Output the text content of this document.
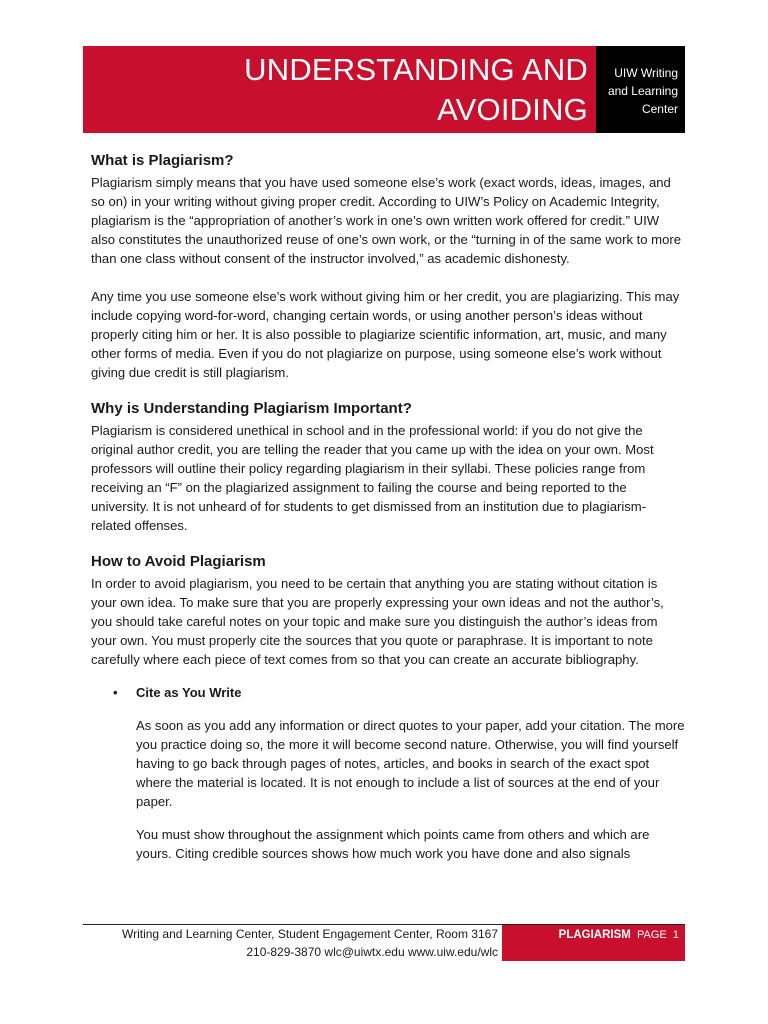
UNDERSTANDING AND AVOIDING
PLAGIARISM
UIW Writing
and Learning
Center
What is Plagiarism?

Plagiarism simply means that you have used someone else’s work (exact words, ideas, images, and so on) in your writing without giving proper credit. According to UIW’s Policy on Academic Integrity, plagiarism is the “appropriation of another’s work in one’s own written work offered for credit.” UIW also constitutes the unauthorized reuse of one’s own work, or the “turning in of the same work to more than one class without consent of the instructor involved,” as academic dishonesty.

Any time you use someone else’s work without giving him or her credit, you are plagiarizing. This may include copying word-for-word, changing certain words, or using another person’s ideas without properly citing him or her. It is also possible to plagiarize scientific information, art, music, and many other forms of media. Even if you do not plagiarize on purpose, using someone else’s work without giving due credit is still plagiarism.

Why is Understanding Plagiarism Important?

Plagiarism is considered unethical in school and in the professional world: if you do not give the original author credit, you are telling the reader that you came up with the idea on your own. Most professors will outline their policy regarding plagiarism in their syllabi. These policies range from receiving an “F” on the plagiarized assignment to failing the course and being reported to the university. It is not unheard of for students to get dismissed from an institution due to plagiarism-related offenses.

How to Avoid Plagiarism

In order to avoid plagiarism, you need to be certain that anything you are stating without citation is your own idea. To make sure that you are properly expressing your own ideas and not the author’s, you should take careful notes on your topic and make sure you distinguish the author’s ideas from your own. You must properly cite the sources that you quote or paraphrase. It is important to note carefully where each piece of text comes from so that you can create an accurate bibliography.

• Cite as You Write

As soon as you add any information or direct quotes to your paper, add your citation. The more you practice doing so, the more it will become second nature. Otherwise, you will find yourself having to go back through pages of notes, articles, and books in search of the exact spot where the material is located. It is not enough to include a list of sources at the end of your paper.

You must show throughout the assignment which points came from others and which are yours. Citing credible sources shows how much work you have done and also signals

Writing and Learning Center, Student Engagement Center, Room 3167
210-829-3870 wlc@uiwtx.edu www.uiw.edu/wlc
PLAGIARISM PAGE 1
